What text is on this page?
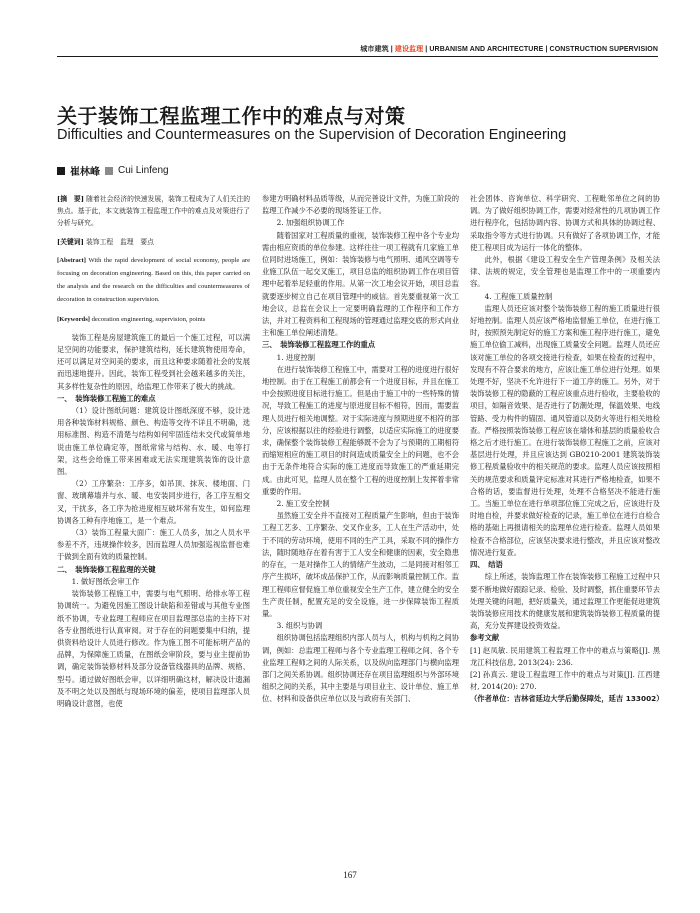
城市建筑 | 建设监理 | URBANISM AND ARCHITECTURE | CONSTRUCTION SUPERVISION
关于装饰工程监理工作中的难点与对策
Difficulties and Countermeasures on the Supervision of Decoration Engineering
崔林峰 Cui Linfeng

[摘　要] 随着社会经济的快速发展，装饰工程成为了人们关注的焦点。基于此，本文就装饰工程监理工作中的难点及对策进行了分析与研究。

[关键词] 装饰工程　监理　要点

[Abstract] With the rapid development of social economy, people are focusing on decoration engineering. Based on this, this paper carried on the analysis and the research on the difficulties and countermeasures of decoration in construction supervision.

[Keywords] decoration engineering, supervision, points

装饰工程是房屋建筑施工的最后一个施工过程，可以满足空间的功能要求，保护建筑结构，延长建筑物使用寿命，还可以满足对空间美的要求，而且这种要求随着社会的发展而迅速地提升。因此，装饰工程受到社会越来越多的关注，其多样性复杂性的原因，给监理工作带来了极大的挑战。

一、　装饰装修工程施工的难点

（1）设计图纸问题：建筑设计图纸深度不够，设计选用各种装饰材料规格、颜色、构造等交待不详且不明确，选用标准图、构造不清楚与结构如何牢固连结未交代或简单地说由施工单位确定等，图纸常常与结构、水、暖、电等打架，这些会给施工带来困难或无法实现建筑装饰的设计意图。

（2）工序繁杂：工序多，如吊顶、抹灰、楼地面、门窗、玻璃幕墙并与水、暖、电安装同步进行，各工序互相交叉，干扰多，各工序为抢进度相互破坏常有发生，如何监理协调各工种有序地施工，是一个难点。

（3）装饰工程量大面广：施工人员多，加之人员水平参差不齐，违规操作较多，因而监理人员加强巡视监督也难于做到全面有效的质量控制。

二、　装饰装修工程监理的关键

1. 做好图纸会审工作

装饰装修工程施工中，需要与电气照明、给排水等工程协调统一。为避免因施工图设计缺陷和差错或与其他专业图纸不协调，专业监理工程师应在项目监理部总监的主持下对各专业图纸进行认真审阅。对于存在的问题要集中归纳，提供资料给设计人员进行修改。作为施工图不可能标明产品的品牌，为保障施工质量，在图纸会审阶段，要与业主提前协调，确定装饰装修材料及部分设备管线器具的品牌、规格、型号。通过做好图纸会审，以详细明确这材，解决设计遗漏及不明之处以及图纸与现场环境的偏差，使项目监理部人员明确设计意图，也使

参建方明确材料品质等级，从而完善设计文件，为施工阶段的监理工作减少不必要的现场签证工作。

2. 加强组织协调工作

随着国家对工程质量的重视，装饰装修工程中各个专业均需由相应资质的单位参建。这样往往一项工程就有几家施工单位同时进场施工，例如：装饰装修与电气照明、通风空调等专业施工队伍一起交叉施工，项目总监的组织协调工作在项目管理中起着举足轻重的作用。从第一次工地会议开始，项目总监就要逐步树立自己在项目管理中的威信。首先要重视第一次工地会议，总监在会议上一定要明确监理的工作程序和工作方法，并对工程资料和工程现场的管理通过监理交底的形式向业主和施工单位阐述清楚。

三、　装饰装修工程监理工作的重点

1. 进度控制

在进行装饰装修工程施工中，需要对工程的进度进行很好地控制。由于在工程施工前都会有一个进度目标，并且在施工中会按照进度目标进行施工。但是由于施工中的一些特殊的情况，导致工程施工的进度与原进度目标不相符，因而，需要监理人员进行相关地调整。对于实际进度与预期进度不相符的部分，应该根据以往的经验进行调整，以适应实际施工的进度要求，确保整个装饰装修工程能够既不会为了与预期的工期相符而缩短相应的施工项目的时间造成质量安全上的问题，也不会由于无条件地符合实际的施工进度而导致施工的严重延期完成。由此可见，监理人员在整个工程的进度控制上发挥着非常重要的作用。

2. 施工安全控制

虽然施工安全并不直接对工程质量产生影响，但由于装饰工程工艺多、工序繁杂、交叉作业多，工人在生产活动中，处于不同的劳动环境，使用不同的生产工具，采取不同的操作方法，随时随地存在着有害于工人安全和健康的因素，安全隐患的存在，一是对操作工人的情绪产生波动，二是同接对相邻工序产生损坏，破坏成品保护工作，从而影响质量控制工作。监理工程师应督促施工单位重视安全生产工作，建立健全的安全生产责任制，配置充足的安全设施，进一步保障装饰工程质量。

3. 组织与协调

组织协调包括监理组织内部人员与人，机构与机构之间协调，例如：总监理工程师与各个专业监理工程师之间、各个专业监理工程师之间的人际关系，以及纵向监理部门与横向监理部门之间关系协调。组织协调还存在项目监理组织与外部环境组织之间的关系，其中主要是与项目业主、设计单位、施工单位、材料和设备供应单位以及与政府有关部门、

社会团体、咨询单位、科学研究、工程毗邻单位之间的协调。为了做好组织协调工作，需要对经常性的几项协调工作进行程序化，包括协调内容、协调方式和具体的协调过程、采取指令等方式进行协调。只有做好了各项协调工作，才能使工程项目成为运行一体化的整体。

此外，根据《建设工程安全生产管理条例》及相关法律、法规的规定，安全管理也是监理工作中的一项重要内容。

4. 工程施工质量控制

监理人员还应该对整个装饰装修工程的施工质量进行很好地控制。监理人员应该严格地监督施工单位，在进行施工时，按照预先制定好的施工方案和施工程序进行施工，避免施工单位偷工减料，出现施工质量安全问题。监理人员还应该对施工单位的各项交接进行检查，如果在检查的过程中，发现有不符合要求的地方，应该让施工单位进行处理。如果处理不好，坚决不允许进行下一道工序的施工。另外，对于装饰装修工程的隐蔽的工程应该重点进行验收，主要验收的项目，如隔音效果、是否进行了防潮处理，保温效果、电线管路、受力构件的锚固、通风管道以及防火等进行相关地检查。严格按照装饰装修工程应该在墙体和基层的质量验收合格之后才进行施工。在进行装饰装修工程施工之前，应该对基层进行处理，并且应该达到 GB0210-2001 建筑装饰装修工程质量验收中的相关规范的要求。监理人员应该按照相关的规范要求和质量评定标准对其进行严格地检查，如果不合格的话，要监督进行处理，处理不合格坚决不能进行施工。当施工单位在进行单项部位施工完成之后，应该进行及时地自检，并要求做好检查的记录，施工单位在进行自检合格的基础上再报请相关的监理单位进行检查。监理人员如果检查不合格部位，应该坚决要求进行整改，并且应该对整改情况进行复查。

四、　结语

综上所述，装饰监理工作在装饰装修工程施工过程中只要不断地做好跟踪记录、检验、及时调整，抓住重要环节去处理关键的问题，把好质量关，通过监理工作更能促进建筑装饰装修应用技术的健康发展和建筑装饰装修工程质量的提高，充分发挥建设投资效益。

参考文献

[1] 赵凤敏. 民用建筑工程监理工作中的难点与策略[J]. 黑龙江科技信息, 2013(24): 236.

[2] 孙真云. 建设工程监理工作中的难点与对策[J]. 江西建材, 2014(20): 270.

（作者单位：吉林省延边大学后勤保障处，延吉 133002）

167
